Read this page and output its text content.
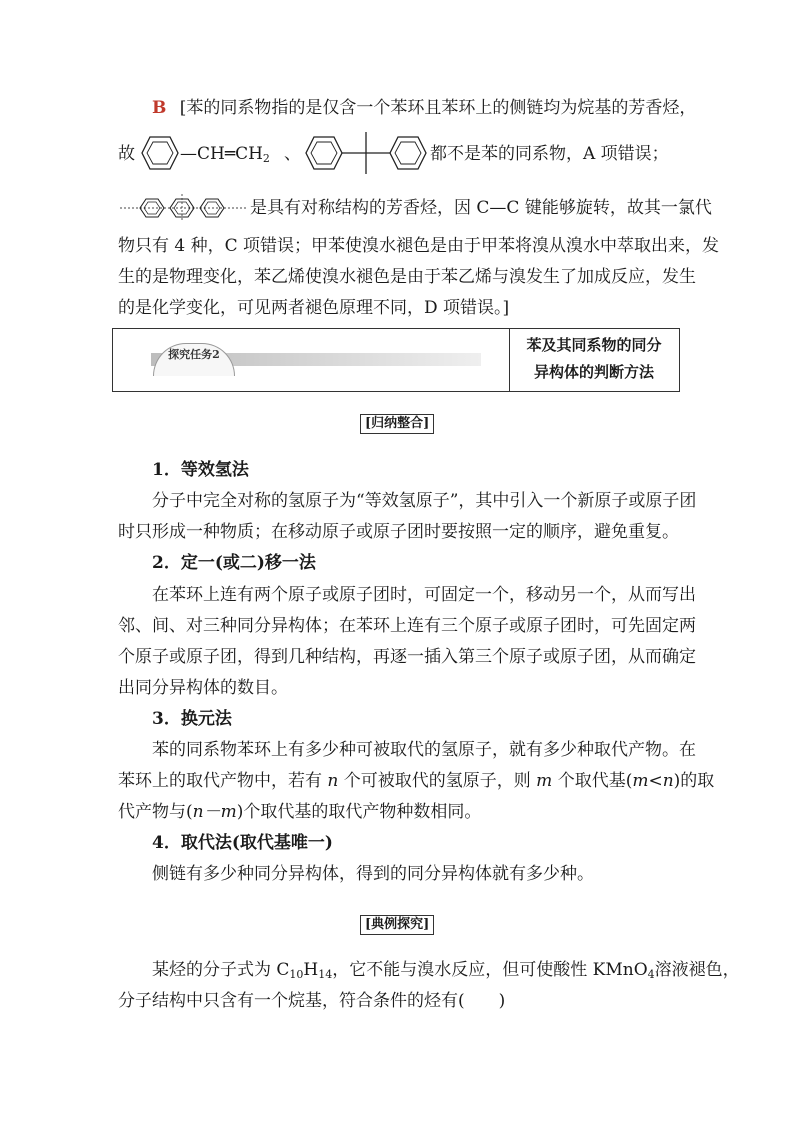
B [苯的同系物指的是仅含一个苯环且苯环上的侧链均为烷基的芳香烃，
故	$—CH═CH_2$ 、	都不是苯的同系物，A 项错误；
是具有对称结构的芳香烃，因 C—C 键能够旋转，故其一氯代
物只有 4 种，C 项错误；甲苯使溴水褪色是由于甲苯将溴从溴水中萃取出来，发
生的是物理变化，苯乙烯使溴水褪色是由于苯乙烯与溴发生了加成反应，发生
的是化学变化，可见两者褪色原理不同，D 项错误。]
探究任务2
苯及其同系物的同分
异构体的判断方法
[归纳整合]
1．等效氢法
分子中完全对称的氢原子为“等效氢原子”，其中引入一个新原子或原子团
时只形成一种物质；在移动原子或原子团时要按照一定的顺序，避免重复。
2．定一(或二)移一法
在苯环上连有两个原子或原子团时，可固定一个，移动另一个，从而写出
邻、间、对三种同分异构体；在苯环上连有三个原子或原子团时，可先固定两
个原子或原子团，得到几种结构，再逐一插入第三个原子或原子团，从而确定
出同分异构体的数目。
3．换元法
苯的同系物苯环上有多少种可被取代的氢原子，就有多少种取代产物。在
苯环上的取代产物中，若有 n 个可被取代的氢原子，则 m 个取代基(m<n)的取
代产物与(n－m)个取代基的取代产物种数相同。
4．取代法(取代基唯一)
侧链有多少种同分异构体，得到的同分异构体就有多少种。
[典例探究]
某烃的分子式为 $C_{10}H_{14}$，它不能与溴水反应，但可使酸性 KMnO$_4$溶液褪色，
分子结构中只含有一个烷基，符合条件的烃有(　　)
